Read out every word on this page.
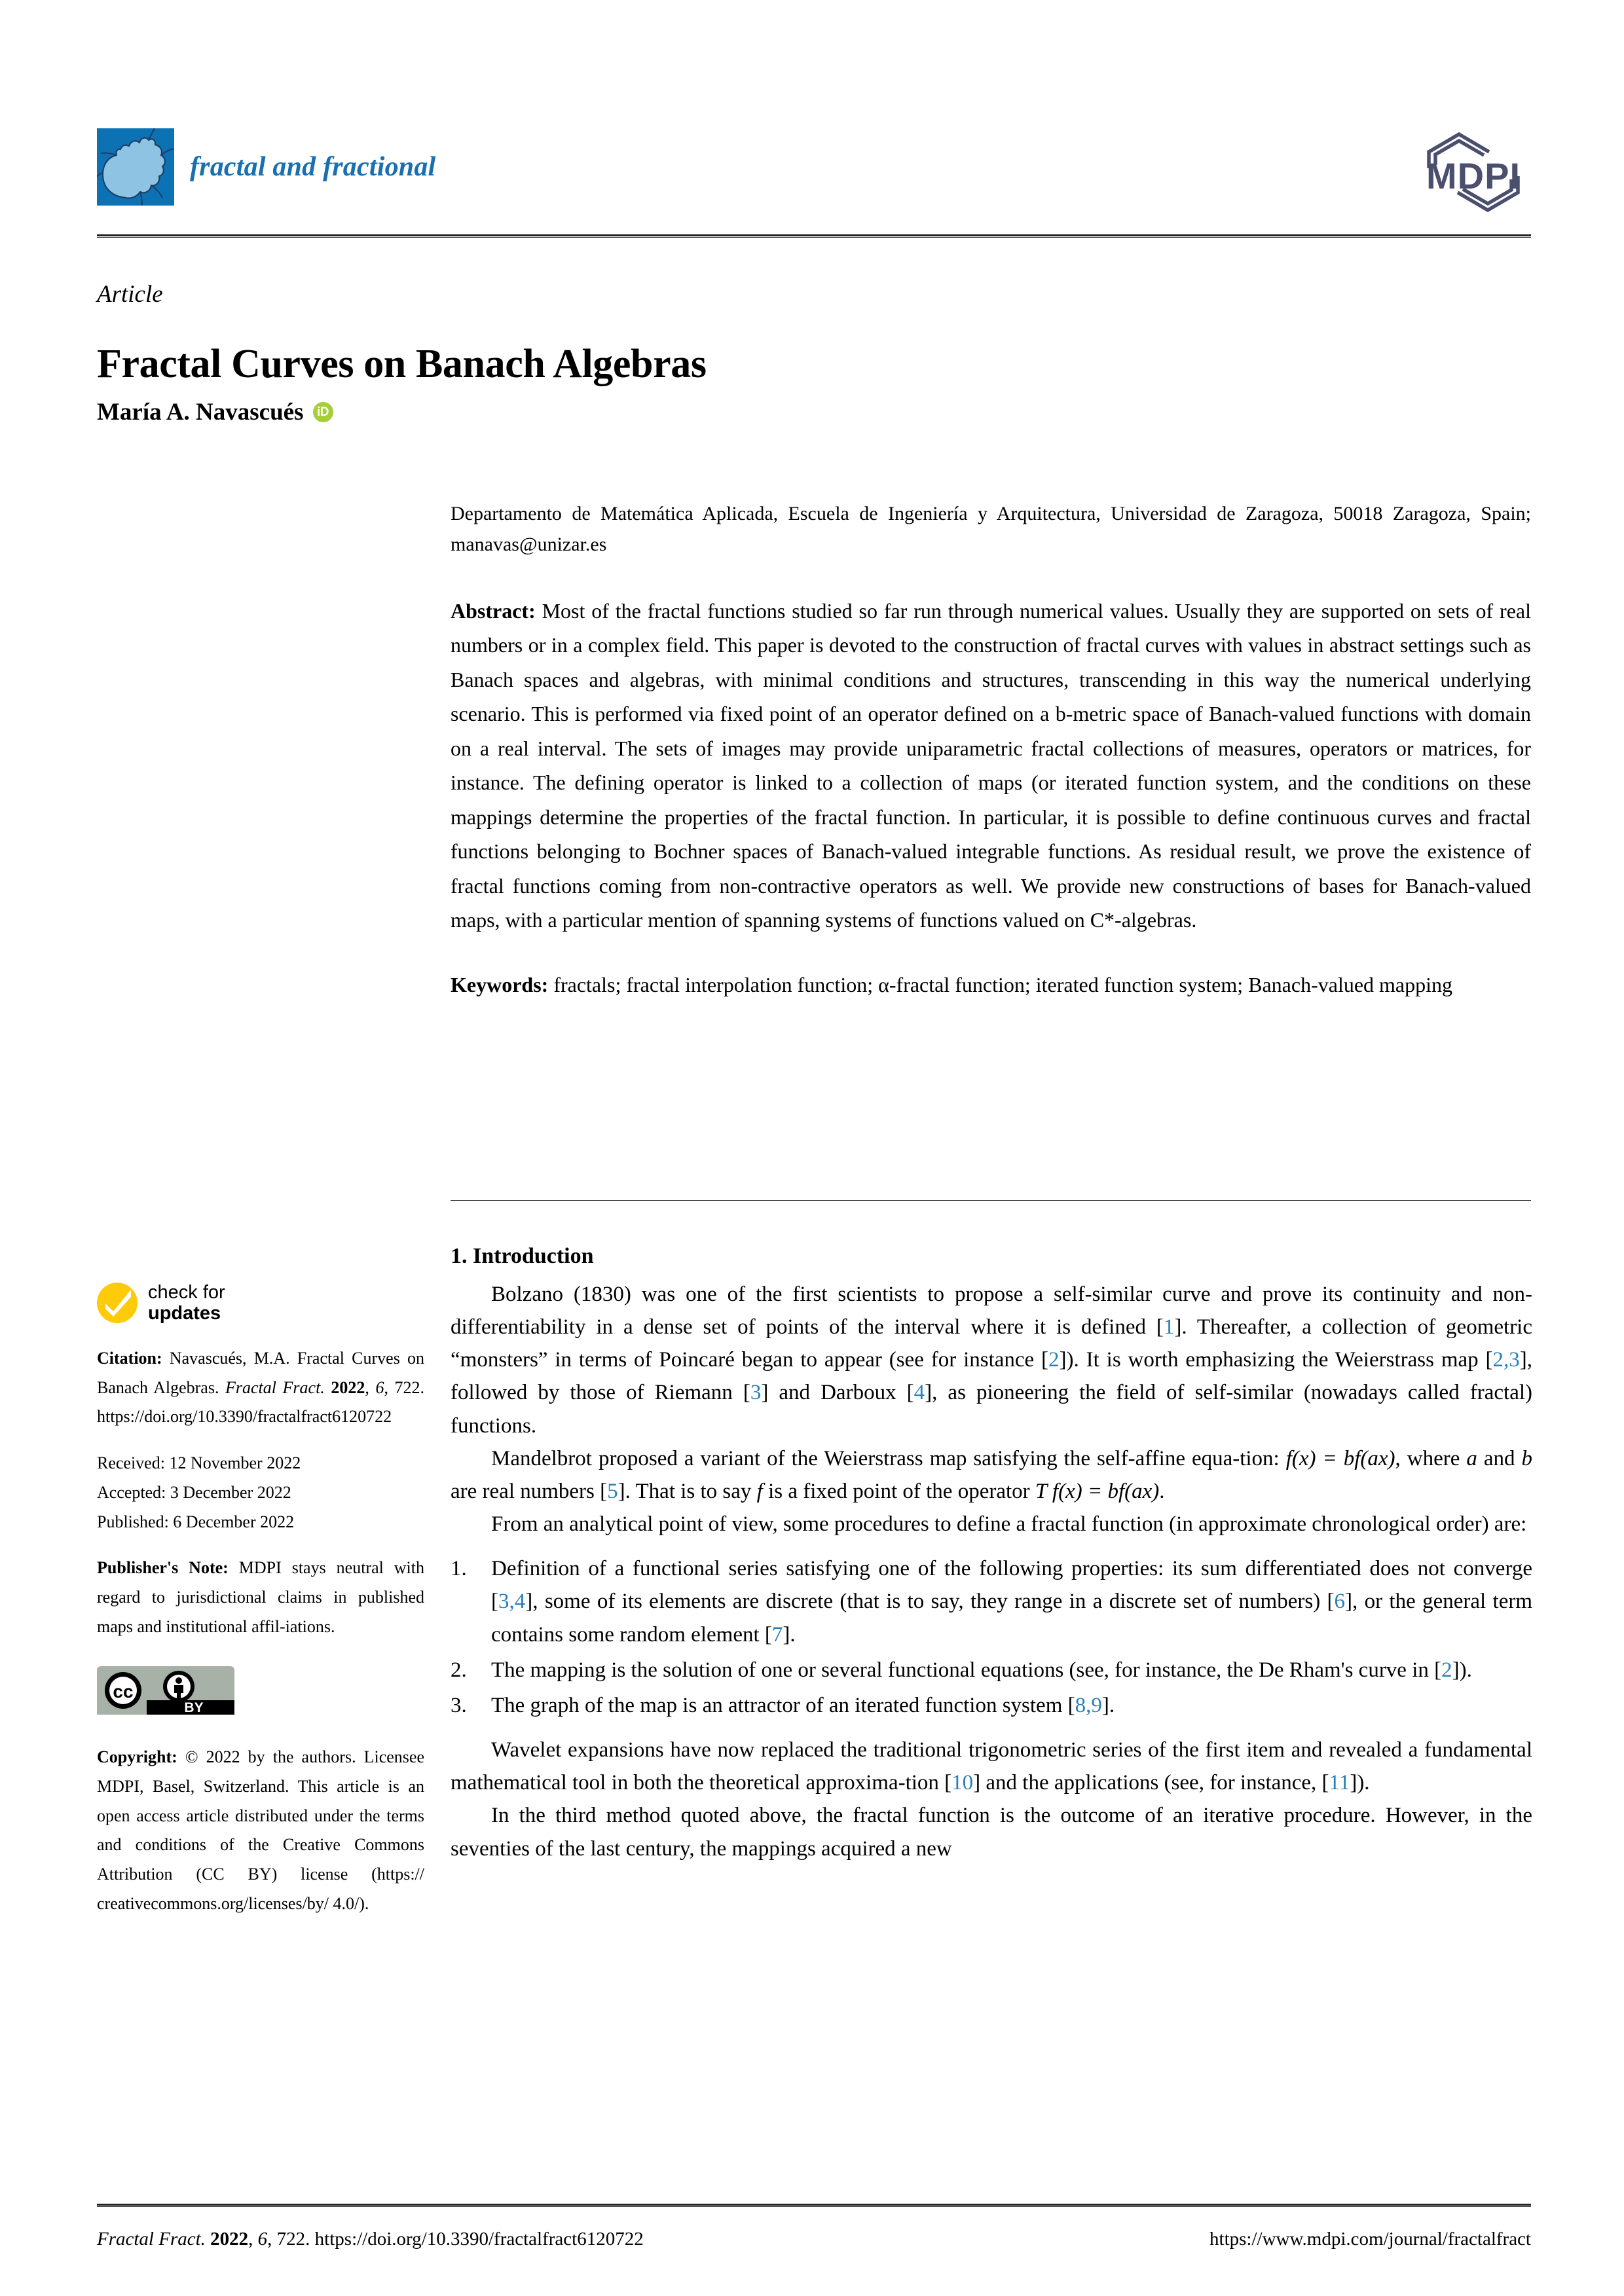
fractal and fractional	MDPI
Article
Fractal Curves on Banach Algebras
María A. Navascués	iD
Departamento de Matemática Aplicada, Escuela de Ingeniería y Arquitectura, Universidad de Zaragoza, 50018 Zaragoza, Spain; manavas@unizar.es
Abstract: Most of the fractal functions studied so far run through numerical values. Usually they are supported on sets of real numbers or in a complex field. This paper is devoted to the construction of fractal curves with values in abstract settings such as Banach spaces and algebras, with minimal conditions and structures, transcending in this way the numerical underlying scenario. This is performed via fixed point of an operator defined on a b-metric space of Banach-valued functions with domain on a real interval. The sets of images may provide uniparametric fractal collections of measures, operators or matrices, for instance. The defining operator is linked to a collection of maps (or iterated function system, and the conditions on these mappings determine the properties of the fractal function. In particular, it is possible to define continuous curves and fractal functions belonging to Bochner spaces of Banach-valued integrable functions. As residual result, we prove the existence of fractal functions coming from non-contractive operators as well. We provide new constructions of bases for Banach-valued maps, with a particular mention of spanning systems of functions valued on C*-algebras.
Keywords: fractals; fractal interpolation function; α-fractal function; iterated function system; Banach-valued mapping
check for
updates

Citation: Navascués, M.A. Fractal Curves on Banach Algebras. Fractal Fract. 2022, 6, 722. https://doi.org/10.3390/fractalfract6120722

Received: 12 November 2022
Accepted: 3 December 2022
Published: 6 December 2022

Publisher's Note: MDPI stays neutral with regard to jurisdictional claims in published maps and institutional affil-iations.

cc
BY

Copyright: © 2022 by the authors. Licensee MDPI, Basel, Switzerland. This article is an open access article distributed under the terms and conditions of the Creative Commons Attribution (CC BY) license (https:// creativecommons.org/licenses/by/ 4.0/).

1. Introduction

Bolzano (1830) was one of the first scientists to propose a self-similar curve and prove its continuity and non-differentiability in a dense set of points of the interval where it is defined [1]. Thereafter, a collection of geometric “monsters” in terms of Poincaré began to appear (see for instance [2]). It is worth emphasizing the Weierstrass map [2,3], followed by those of Riemann [3] and Darboux [4], as pioneering the field of self-similar (nowadays called fractal) functions.

Mandelbrot proposed a variant of the Weierstrass map satisfying the self-affine equa-tion: f(x) = bf(ax), where a and b are real numbers [5]. That is to say f is a fixed point of the operator T f(x) = bf(ax).

From an analytical point of view, some procedures to define a fractal function (in approximate chronological order) are:

1.	Definition of a functional series satisfying one of the following properties: its sum differentiated does not converge [3,4], some of its elements are discrete (that is to say, they range in a discrete set of numbers) [6], or the general term contains some random element [7].
2.	The mapping is the solution of one or several functional equations (see, for instance, the De Rham's curve in [2]).
3.	The graph of the map is an attractor of an iterated function system [8,9].

Wavelet expansions have now replaced the traditional trigonometric series of the first item and revealed a fundamental mathematical tool in both the theoretical approxima-tion [10] and the applications (see, for instance, [11]).

In the third method quoted above, the fractal function is the outcome of an iterative procedure. However, in the seventies of the last century, the mappings acquired a new

Fractal Fract. 2022, 6, 722. https://doi.org/10.3390/fractalfract6120722	https://www.mdpi.com/journal/fractalfract
